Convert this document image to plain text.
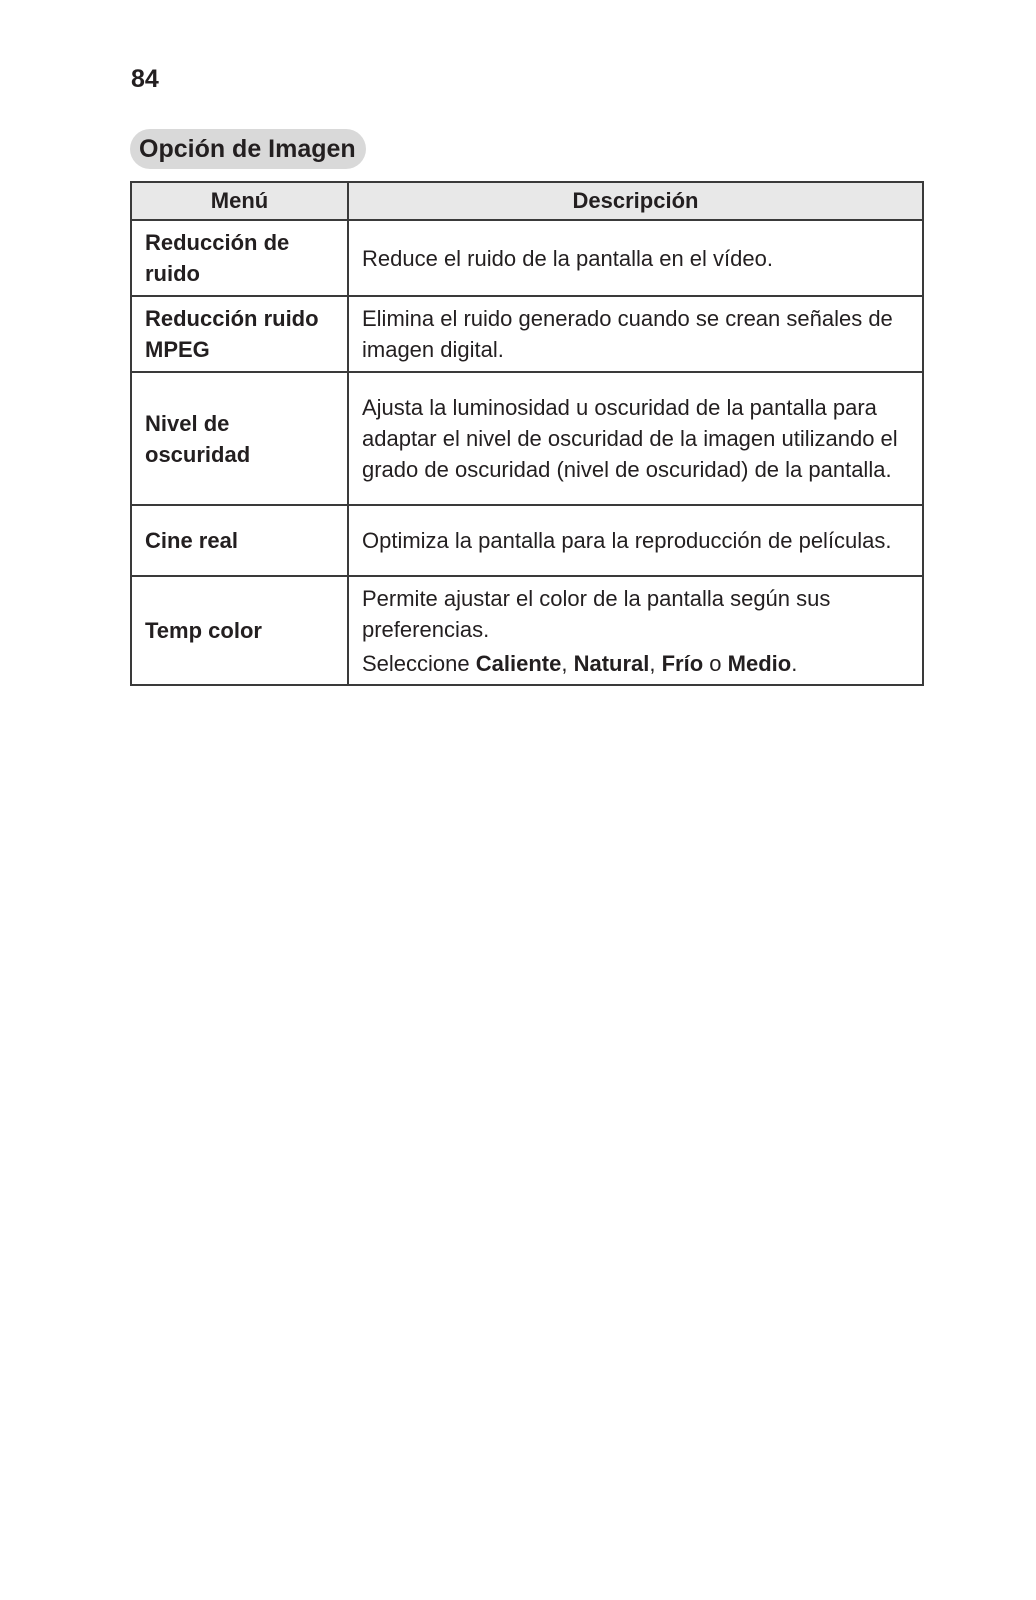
84
Opción de Imagen
Menú	Descripción
Reducción de ruido	Reduce el ruido de la pantalla en el vídeo.
Reducción ruido MPEG	Elimina el ruido generado cuando se crean señales de imagen digital.
Nivel de oscuridad	Ajusta la luminosidad u oscuridad de la pantalla para adaptar el nivel de oscuridad de la imagen utilizando el grado de oscuridad (nivel de oscuridad) de la pantalla.
Cine real	Optimiza la pantalla para la reproducción de películas.
Temp color	Permite ajustar el color de la pantalla según sus preferencias.
Seleccione Caliente, Natural, Frío o Medio.
